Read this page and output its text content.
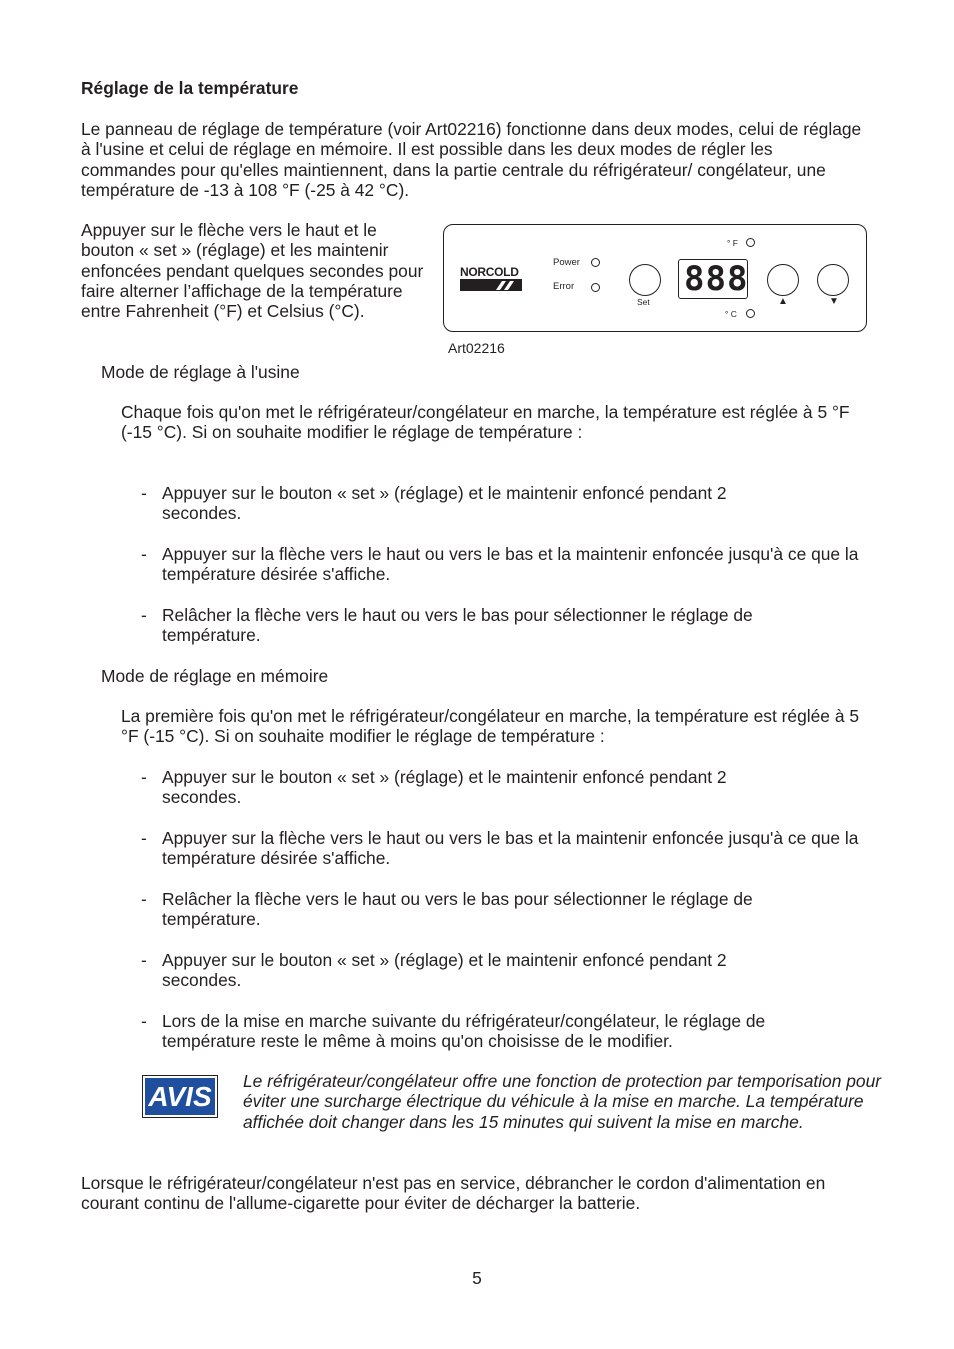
Réglage de la température

Le panneau de réglage de température (voir Art02216) fonctionne dans deux modes, celui de réglage à l'usine et celui de réglage en mémoire. Il est possible dans les deux modes de régler les commandes pour qu'elles maintiennent, dans la partie centrale du réfrigérateur/ congélateur, une température de -13 à 108 °F (-25 à 42 °C).

Appuyer sur le flèche vers le haut et le bouton « set » (réglage) et les maintenir enfoncées pendant quelques secondes pour faire alterner l’affichage de la température entre Fahrenheit (°F) et Celsius (°C).

NORCOLD
Power
Error
Set
888
° F
° C
▲	▼
Art02216
Mode de réglage à l'usine

Chaque fois qu'on met le réfrigérateur/congélateur en marche, la température est réglée à 5 °F (-15 °C). Si on souhaite modifier le réglage de température :

- Appuyer sur le bouton « set » (réglage) et le maintenir enfoncé pendant 2 secondes.
- Appuyer sur la flèche vers le haut ou vers le bas et la maintenir enfoncée jusqu'à ce que la température désirée s'affiche.
- Relâcher la flèche vers le haut ou vers le bas pour sélectionner le réglage de température.
Mode de réglage en mémoire

La première fois qu'on met le réfrigérateur/congélateur en marche, la température est réglée à 5 °F (-15 °C). Si on souhaite modifier le réglage de température :

- Appuyer sur le bouton « set » (réglage) et le maintenir enfoncé pendant 2 secondes.
- Appuyer sur la flèche vers le haut ou vers le bas et la maintenir enfoncée jusqu'à ce que la température désirée s'affiche.
- Relâcher la flèche vers le haut ou vers le bas pour sélectionner le réglage de température.
- Appuyer sur le bouton « set » (réglage) et le maintenir enfoncé pendant 2 secondes.
- Lors de la mise en marche suivante du réfrigérateur/congélateur, le réglage de température reste le même à moins qu'on choisisse de le modifier.
AVIS	Le réfrigérateur/congélateur offre une fonction de protection par temporisation pour éviter une surcharge électrique du véhicule à la mise en marche. La température affichée doit changer dans les 15 minutes qui suivent la mise en marche.

Lorsque le réfrigérateur/congélateur n'est pas en service, débrancher le cordon d'alimentation en courant continu de l'allume-cigarette pour éviter de décharger la batterie.

5
